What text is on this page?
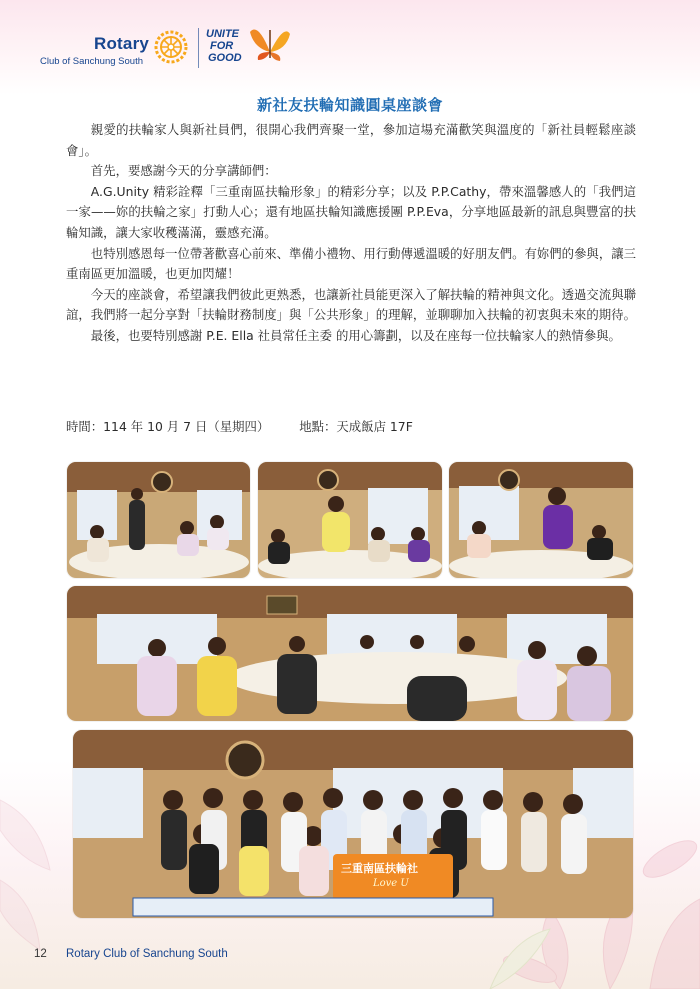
Rotary
Club of Sanchung South
UNITE
FOR
GOOD
新社友扶輪知識圓桌座談會

親愛的扶輪家人與新社員們，很開心我們齊聚一堂，參加這場充滿歡笑與溫度的「新社員輕鬆座談會」。

首先，要感謝今天的分享講師們：

A.G.Unity 精彩詮釋「三重南區扶輪形象」的精彩分享；以及 P.P.Cathy，帶來溫馨感人的「我們這一家——妳的扶輪之家」打動人心；還有地區扶輪知識應援團 P.P.Eva，分享地區最新的訊息與豐富的扶輪知識，讓大家收穫滿滿，靈感充滿。

也特別感恩每一位帶著歡喜心前來、準備小禮物、用行動傳遞溫暖的好朋友們。有妳們的參與，讓三重南區更加溫暖，也更加閃耀！

今天的座談會，希望讓我們彼此更熟悉，也讓新社員能更深入了解扶輪的精神與文化。透過交流與聯誼，我們將一起分享對「扶輪財務制度」與「公共形象」的理解，並聊聊加入扶輪的初衷與未來的期待。

最後，也要特別感謝 P.E. Ella 社員常任主委 的用心籌劃，以及在座每一位扶輪家人的熱情參與。

時間：114 年 10 月 7 日（星期四） 地點：天成飯店 17F
三重南區扶輪社
Love U
12 Rotary Club of Sanchung South
